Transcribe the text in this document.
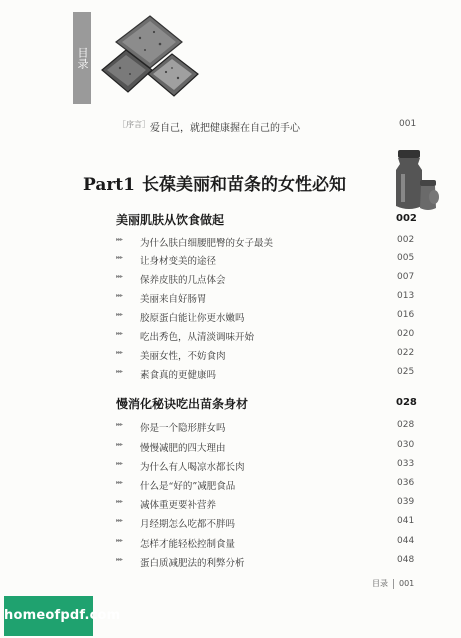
目录
［序言］ 爱自己，就把健康握在自己的手心	001
Part1 长葆美丽和苗条的女性必知
美丽肌肤从饮食做起	002
▸▸▸ 为什么肤白细腰肥臀的女子最美	002
▸▸▸ 让身材变美的途径	005
▸▸▸ 保养皮肤的几点体会	007
▸▸▸ 美丽来自好肠胃	013
▸▸▸ 胶原蛋白能让你更水嫩吗	016
▸▸▸ 吃出秀色，从清淡调味开始	020
▸▸▸ 美丽女性，不妨食肉	022
▸▸▸ 素食真的更健康吗	025
慢消化秘诀吃出苗条身材	028
▸▸▸ 你是一个隐形胖女吗	028
▸▸▸ 慢慢减肥的四大理由	030
▸▸▸ 为什么有人喝凉水都长肉	033
▸▸▸ 什么是“好的”减肥食品	036
▸▸▸ 减体重更要补营养	039
▸▸▸ 月经期怎么吃都不胖吗	041
▸▸▸ 怎样才能轻松控制食量	044
▸▸▸ 蛋白质减肥法的利弊分析	048
目录 001
homeofpdf.com
